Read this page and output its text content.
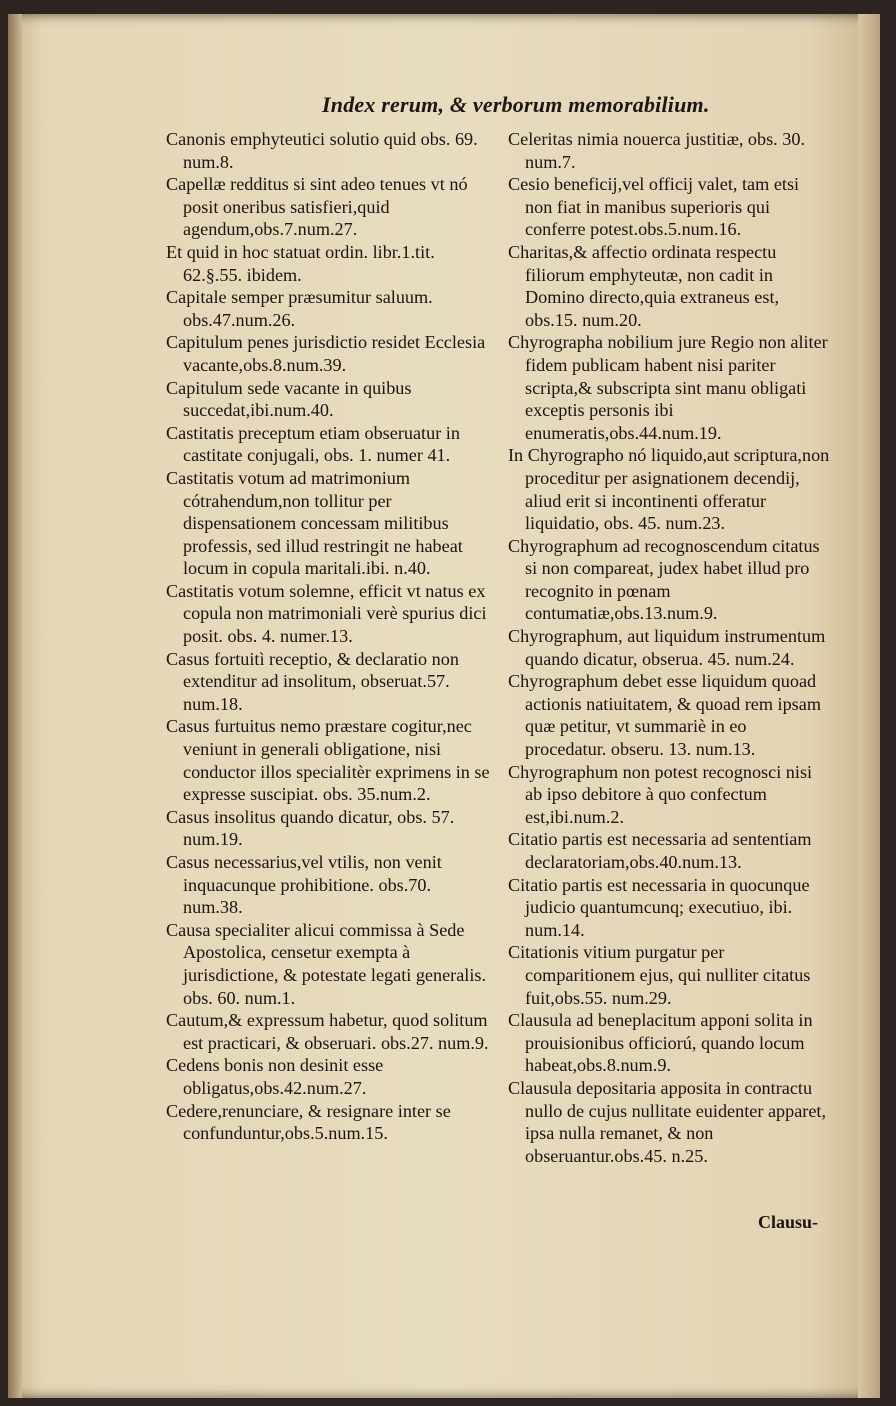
Index rerum, & verborum memorabilium.
Canonis emphyteutici solutio quid obs. 69. num.8.
Capellæ redditus si sint adeo tenues vt nó posit oneribus satisfieri,quid agendum,obs.7.num.27.
Et quid in hoc statuat ordin. libr.1.tit. 62.§.55. ibidem.
Capitale semper præsumitur saluum. obs.47.num.26.
Capitulum penes jurisdictio residet Ecclesia vacante,obs.8.num.39.
Capitulum sede vacante in quibus succedat,ibi.num.40.
Castitatis preceptum etiam obseruatur in castitate conjugali, obs. 1. numer 41.
Castitatis votum ad matrimonium cótrahendum,non tollitur per dispensationem concessam militibus professis, sed illud restringit ne habeat locum in copula maritali.ibi. n.40.
Castitatis votum solemne, efficit vt natus ex copula non matrimoniali verè spurius dici posit. obs. 4. numer.13.
Casus fortuitì receptio, & declaratio non extenditur ad insolitum, obseruat.57. num.18.
Casus furtuitus nemo præstare cogitur,nec veniunt in generali obligatione, nisi conductor illos specialitèr exprimens in se expresse suscipiat. obs. 35.num.2.
Casus insolitus quando dicatur, obs. 57. num.19.
Casus necessarius,vel vtilis, non venit inquacunque prohibitione. obs.70. num.38.
Causa specialiter alicui commissa à Sede Apostolica, censetur exempta à jurisdictione, & potestate legati generalis. obs. 60. num.1.
Cautum,& expressum habetur, quod solitum est practicari, & obseruari. obs.27. num.9.
Cedens bonis non desinit esse obligatus,obs.42.num.27.
Cedere,renunciare, & resignare inter se confunduntur,obs.5.num.15.
Celeritas nimia nouerca justitiæ, obs. 30. num.7.
Cesio beneficij,vel officij valet, tam etsi non fiat in manibus superioris qui conferre potest.obs.5.num.16.
Charitas,& affectio ordinata respectu filiorum emphyteutæ, non cadit in Domino directo,quia extraneus est, obs.15. num.20.
Chyrographa nobilium jure Regio non aliter fidem publicam habent nisi pariter scripta,& subscripta sint manu obligati exceptis personis ibi enumeratis,obs.44.num.19.
In Chyrographo nó liquido,aut scriptura,non proceditur per asignationem decendij, aliud erit si incontinenti offeratur liquidatio, obs. 45. num.23.
Chyrographum ad recognoscendum citatus si non compareat, judex habet illud pro recognito in pœnam contumatiæ,obs.13.num.9.
Chyrographum, aut liquidum instrumentum quando dicatur, obserua. 45. num.24.
Chyrographum debet esse liquidum quoad actionis natiuitatem, & quoad rem ipsam quæ petitur, vt summariè in eo procedatur. obseru. 13. num.13.
Chyrographum non potest recognosci nisi ab ipso debitore à quo confectum est,ibi.num.2.
Citatio partis est necessaria ad sententiam declaratoriam,obs.40.num.13.
Citatio partis est necessaria in quocunque judicio quantumcunq; executiuo, ibi. num.14.
Citationis vitium purgatur per comparitionem ejus, qui nulliter citatus fuit,obs.55. num.29.
Clausula ad beneplacitum apponi solita in prouisionibus officiorú, quando locum habeat,obs.8.num.9.
Clausula depositaria apposita in contractu nullo de cujus nullitate euidenter apparet, ipsa nulla remanet, & non obseruantur.obs.45. n.25.
Clausu-
